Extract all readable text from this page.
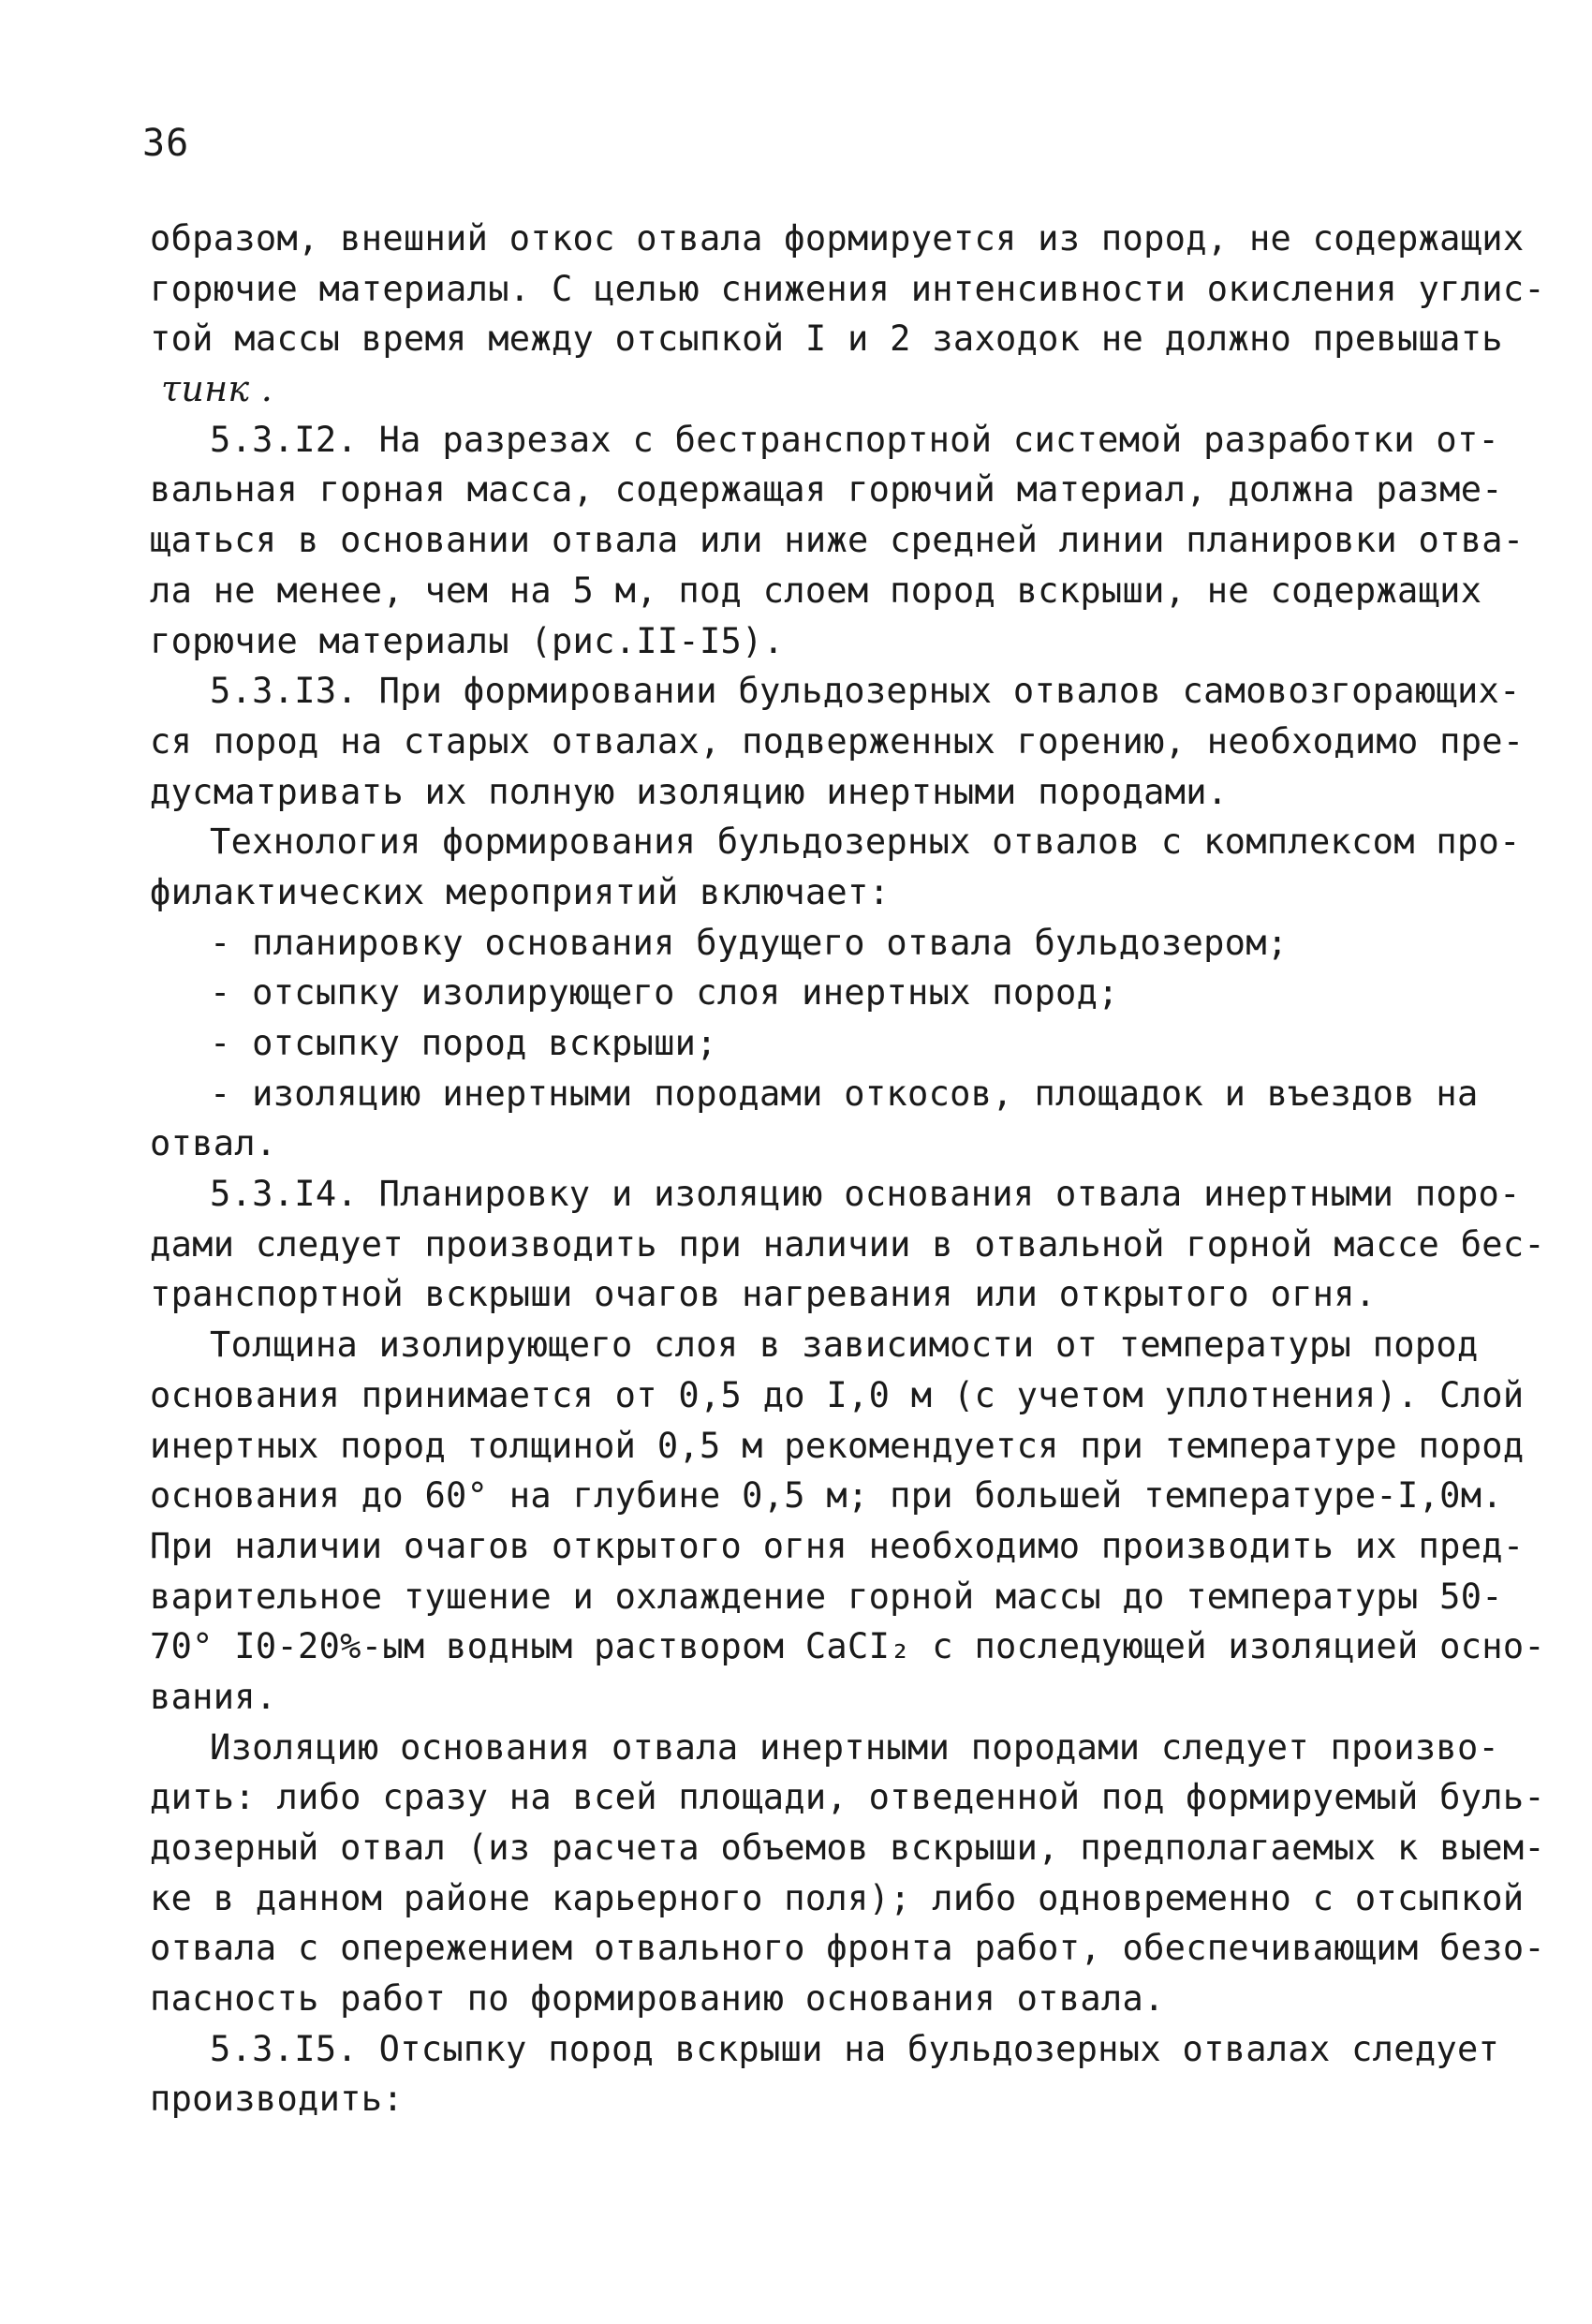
36
образом, внешний откос отвала формируется из пород, не содержащих
горючие материалы. С целью снижения интенсивности окисления углис-
той массы время между отсыпкой I и 2 заходок не должно превышать
τинк .
5.3.I2. На разрезах с бестранспортной системой разработки от-
вальная горная масса, содержащая горючий материал, должна разме-
щаться в основании отвала или ниже средней линии планировки отва-
ла не менее, чем на 5 м, под слоем пород вскрыши, не содержащих
горючие материалы (рис.II-I5).
5.3.I3. При формировании бульдозерных отвалов самовозгорающих-
ся пород на старых отвалах, подверженных горению, необходимо пре-
дусматривать их полную изоляцию инертными породами.
Технология формирования бульдозерных отвалов с комплексом про-
филактических мероприятий включает:
- планировку основания будущего отвала бульдозером;
- отсыпку изолирующего слоя инертных пород;
- отсыпку пород вскрыши;
- изоляцию инертными породами откосов, площадок и въездов на
отвал.
5.3.I4. Планировку и изоляцию основания отвала инертными поро-
дами следует производить при наличии в отвальной горной массе бес-
транспортной вскрыши очагов нагревания или открытого огня.
Толщина изолирующего слоя в зависимости от температуры пород
основания принимается от 0,5 до I,0 м (с учетом уплотнения). Слой
инертных пород толщиной 0,5 м рекомендуется при температуре пород
основания до 60° на глубине 0,5 м; при большей температуре-I,0м.
При наличии очагов открытого огня необходимо производить их пред-
варительное тушение и охлаждение горной массы до температуры 50-
70° I0-20%-ым водным раствором CaCI₂ с последующей изоляцией осно-
вания.
Изоляцию основания отвала инертными породами следует произво-
дить: либо сразу на всей площади, отведенной под формируемый буль-
дозерный отвал (из расчета объемов вскрыши, предполагаемых к выем-
ке в данном районе карьерного поля); либо одновременно с отсыпкой
отвала с опережением отвального фронта работ, обеспечивающим безо-
пасность работ по формированию основания отвала.
5.3.I5. Отсыпку пород вскрыши на бульдозерных отвалах следует
производить:
